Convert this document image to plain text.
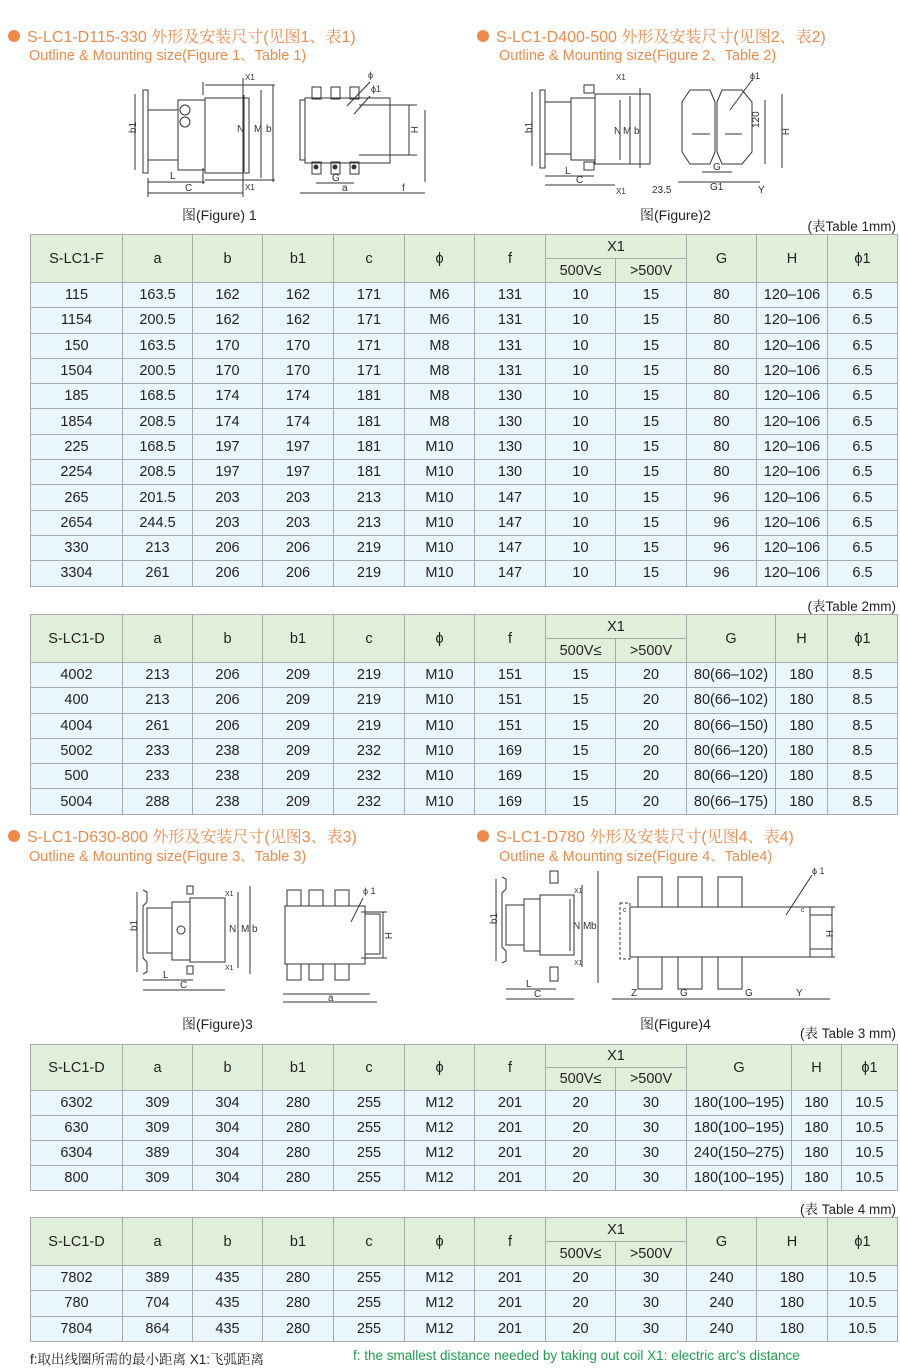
S-LC1-D115-330 外形及安装尺寸(见图1、表1)
Outline & Mounting size(Figure 1、Table 1)
b1	N M b
L
C
X1
X1
H
G
a	f
ϕ
ϕ1
图(Figure) 1
S-LC1-D400-500 外形及安装尺寸(见图2、表2)
Outline & Mounting size(Figure 2、Table 2)
b1	N M b
L
C
X1
X1
120
H
G
G1
23.5	Y
ϕ1
图(Figure)2
(表Table 1mm)
S-LC1-F	a	b	b1	c	ϕ	f	X1		G	H	ϕ1
							500V≤	>500V			
115	163.5	162	162	171	M6	131	10	15	80	120–106	6.5
1154	200.5	162	162	171	M6	131	10	15	80	120–106	6.5
150	163.5	170	170	171	M8	131	10	15	80	120–106	6.5
1504	200.5	170	170	171	M8	131	10	15	80	120–106	6.5
185	168.5	174	174	181	M8	130	10	15	80	120–106	6.5
1854	208.5	174	174	181	M8	130	10	15	80	120–106	6.5
225	168.5	197	197	181	M10	130	10	15	80	120–106	6.5
2254	208.5	197	197	181	M10	130	10	15	80	120–106	6.5
265	201.5	203	203	213	M10	147	10	15	96	120–106	6.5
2654	244.5	203	203	213	M10	147	10	15	96	120–106	6.5
330	213	206	206	219	M10	147	10	15	96	120–106	6.5
3304	261	206	206	219	M10	147	10	15	96	120–106	6.5
(表Table 2mm)
S-LC1-D	a	b	b1	c	ϕ	f	X1		G	H	ϕ1
							500V≤	>500V			
4002	213	206	209	219	M10	151	15	20	80(66–102)	180	8.5
400	213	206	209	219	M10	151	15	20	80(66–102)	180	8.5
4004	261	206	209	219	M10	151	15	20	80(66–150)	180	8.5
5002	233	238	209	232	M10	169	15	20	80(66–120)	180	8.5
500	233	238	209	232	M10	169	15	20	80(66–120)	180	8.5
5004	288	238	209	232	M10	169	15	20	80(66–175)	180	8.5
S-LC1-D630-800 外形及安装尺寸(见图3、表3)
Outline & Mounting size(Figure 3、Table 3)
b1	N M b
L
C
X1
X1
H
a
ϕ 1
图(Figure)3
S-LC1-D780 外形及安装尺寸(见图4、表4)
Outline & Mounting size(Figure 4、Table4)
b1
N M b
L
C
X1
X1
H
Z	G	G	Y
c	c
ϕ 1
图(Figure)4
(表 Table 3 mm)
S-LC1-D	a	b	b1	c	ϕ	f	X1		G	H	ϕ1
							500V≤	>500V			
6302	309	304	280	255	M12	201	20	30	180(100–195)	180	10.5
630	309	304	280	255	M12	201	20	30	180(100–195)	180	10.5
6304	389	304	280	255	M12	201	20	30	240(150–275)	180	10.5
800	309	304	280	255	M12	201	20	30	180(100–195)	180	10.5
(表 Table 4 mm)
S-LC1-D	a	b	b1	c	ϕ	f	X1		G	H	ϕ1
							500V≤	>500V			
7802	389	435	280	255	M12	201	20	30	240	180	10.5
780	704	435	280	255	M12	201	20	30	240	180	10.5
7804	864	435	280	255	M12	201	20	30	240	180	10.5
f:取出线圈所需的最小距离 X1:飞弧距离	f: the smallest distance needed by taking out coil X1: electric arc's distance
